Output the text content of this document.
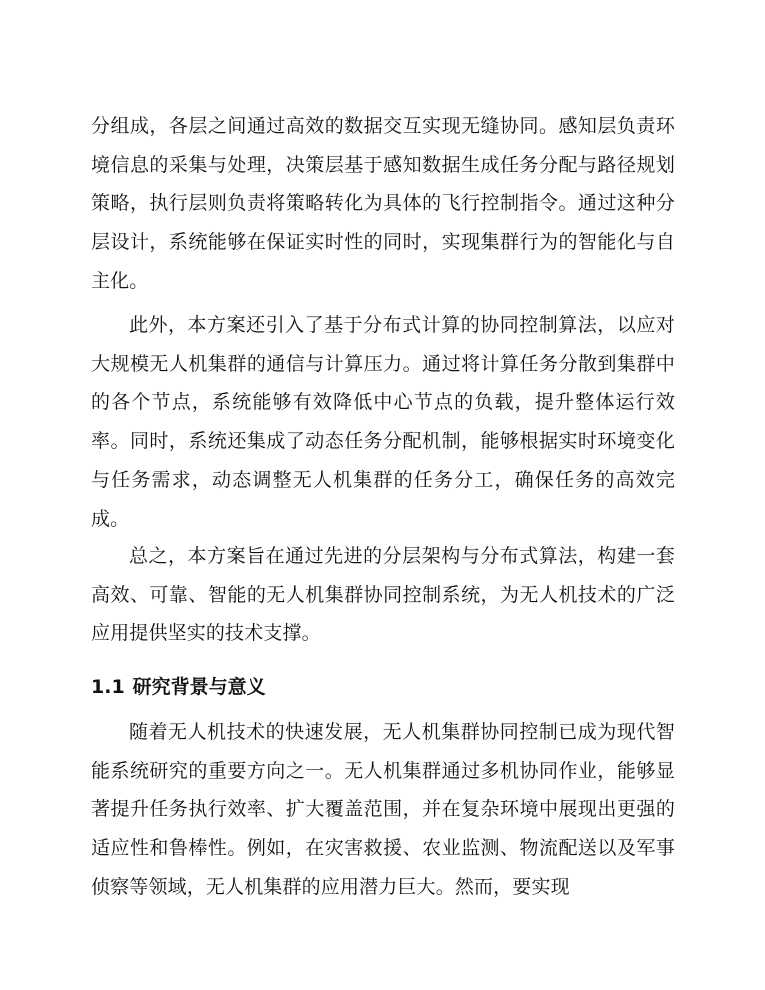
分组成，各层之间通过高效的数据交互实现无缝协同。感知层负责环境信息的采集与处理，决策层基于感知数据生成任务分配与路径规划策略，执行层则负责将策略转化为具体的飞行控制指令。通过这种分层设计，系统能够在保证实时性的同时，实现集群行为的智能化与自主化。

此外，本方案还引入了基于分布式计算的协同控制算法，以应对大规模无人机集群的通信与计算压力。通过将计算任务分散到集群中的各个节点，系统能够有效降低中心节点的负载，提升整体运行效率。同时，系统还集成了动态任务分配机制，能够根据实时环境变化与任务需求，动态调整无人机集群的任务分工，确保任务的高效完成。

总之，本方案旨在通过先进的分层架构与分布式算法，构建一套高效、可靠、智能的无人机集群协同控制系统，为无人机技术的广泛应用提供坚实的技术支撑。

1.1 研究背景与意义

随着无人机技术的快速发展，无人机集群协同控制已成为现代智能系统研究的重要方向之一。无人机集群通过多机协同作业，能够显著提升任务执行效率、扩大覆盖范围，并在复杂环境中展现出更强的适应性和鲁棒性。例如，在灾害救援、农业监测、物流配送以及军事侦察等领域，无人机集群的应用潜力巨大。然而，要实现
